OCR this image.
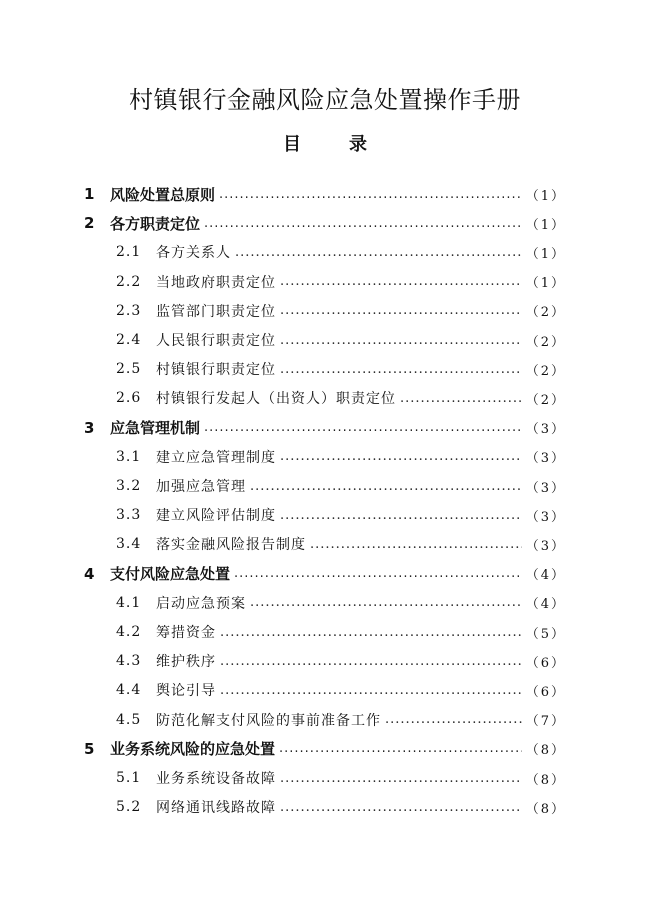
村镇银行金融风险应急处置操作手册
目	录
1	风险处置总原则 .....	（1）
2	各方职责定位 .....	（1）
2.1	各方关系人 .....	（1）
2.2	当地政府职责定位 .....	（1）
2.3	监管部门职责定位 .....	（2）
2.4	人民银行职责定位 .....	（2）
2.5	村镇银行职责定位 .....	（2）
2.6	村镇银行发起人（出资人）职责定位 .....	（2）
3	应急管理机制 .....	（3）
3.1	建立应急管理制度 .....	（3）
3.2	加强应急管理 .....	（3）
3.3	建立风险评估制度 .....	（3）
3.4	落实金融风险报告制度 .....	（3）
4	支付风险应急处置 .....	（4）
4.1	启动应急预案 .....	（4）
4.2	筹措资金 .....	（5）
4.3	维护秩序 .....	（6）
4.4	舆论引导 .....	（6）
4.5	防范化解支付风险的事前准备工作 .....	（7）
5	业务系统风险的应急处置 .....	（8）
5.1	业务系统设备故障 .....	（8）
5.2	网络通讯线路故障 .....	（8）
